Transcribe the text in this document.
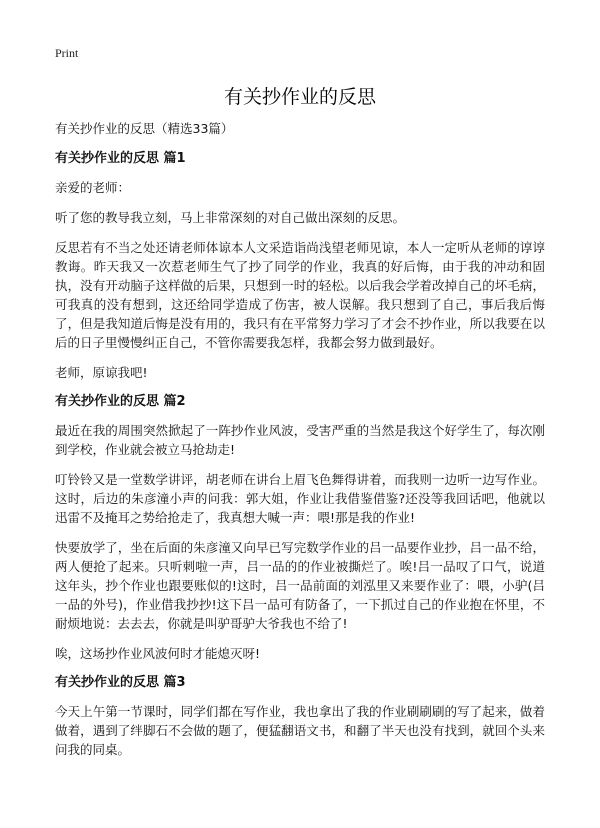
Print
有关抄作业的反思

有关抄作业的反思（精选33篇）

有关抄作业的反思 篇1

亲爱的老师：

听了您的教导我立刻，马上非常深刻的对自己做出深刻的反思。

反思若有不当之处还请老师体谅本人文采造诣尚浅望老师见谅，本人一定听从老师的谆谆教诲。昨天我又一次惹老师生气了抄了同学的作业，我真的好后悔，由于我的冲动和固执，没有开动脑子这样做的后果，只想到一时的轻松。以后我会学着改掉自己的坏毛病，可我真的没有想到，这还给同学造成了伤害，被人误解。我只想到了自己，事后我后悔了，但是我知道后悔是没有用的，我只有在平常努力学习了才会不抄作业，所以我要在以后的日子里慢慢纠正自己，不管你需要我怎样，我都会努力做到最好。

老师，原谅我吧!

有关抄作业的反思 篇2

最近在我的周围突然掀起了一阵抄作业风波，受害严重的当然是我这个好学生了，每次刚到学校，作业就会被立马抢劫走!

叮铃铃又是一堂数学讲评，胡老师在讲台上眉飞色舞得讲着，而我则一边听一边写作业。这时，后边的朱彦潼小声的问我：郭大姐，作业让我借鉴借鉴?还没等我回话吧，他就以迅雷不及掩耳之势给抢走了，我真想大喊一声：喂!那是我的作业!

快要放学了，坐在后面的朱彦潼又向早已写完数学作业的吕一品要作业抄，吕一品不给，两人便抢了起来。只听刺啦一声，吕一品的的作业被撕烂了。唉!吕一品叹了口气，说道这年头，抄个作业也跟要账似的!这时，吕一品前面的刘泓里又来要作业了：喂，小驴(吕一品的外号)，作业借我抄抄!这下吕一品可有防备了，一下抓过自己的作业抱在怀里，不耐烦地说：去去去，你就是叫驴哥驴大爷我也不给了!

唉，这场抄作业风波何时才能熄灭呀!

有关抄作业的反思 篇3

今天上午第一节课时，同学们都在写作业，我也拿出了我的作业刷刷刷的写了起来，做着做着，遇到了绊脚石不会做的题了，便猛翻语文书，和翻了半天也没有找到，就回个头来问我的同桌。
